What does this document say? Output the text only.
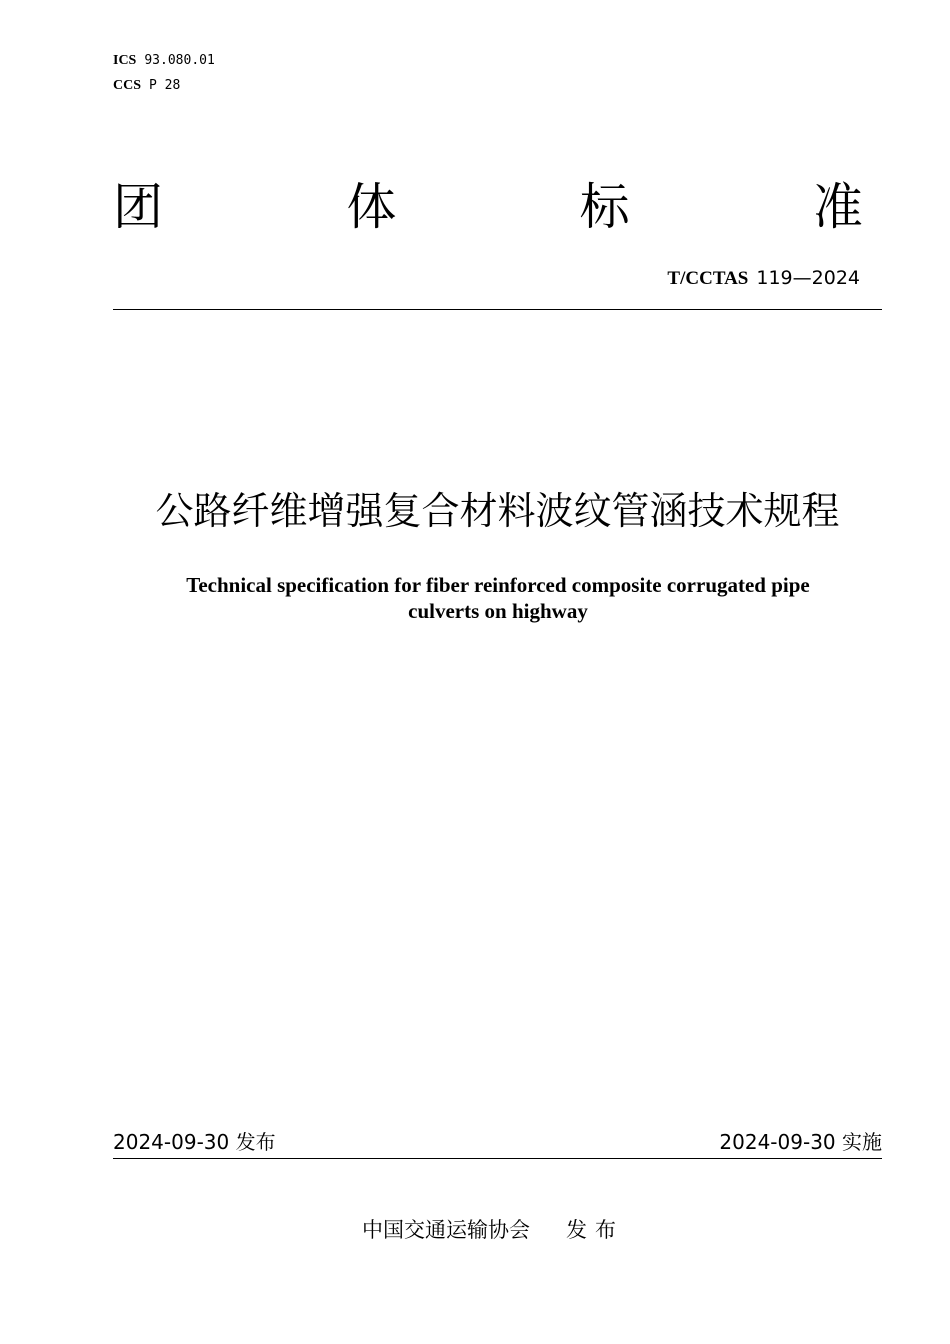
ICS 93.080.01
CCS P 28
团	体	标	准
T/CCTAS 119—2024
公路纤维增强复合材料波纹管涵技术规程
Technical specification for fiber reinforced composite corrugated pipe
culverts on highway
2024-09-30 发布	2024-09-30 实施
中国交通运输协会 发布
